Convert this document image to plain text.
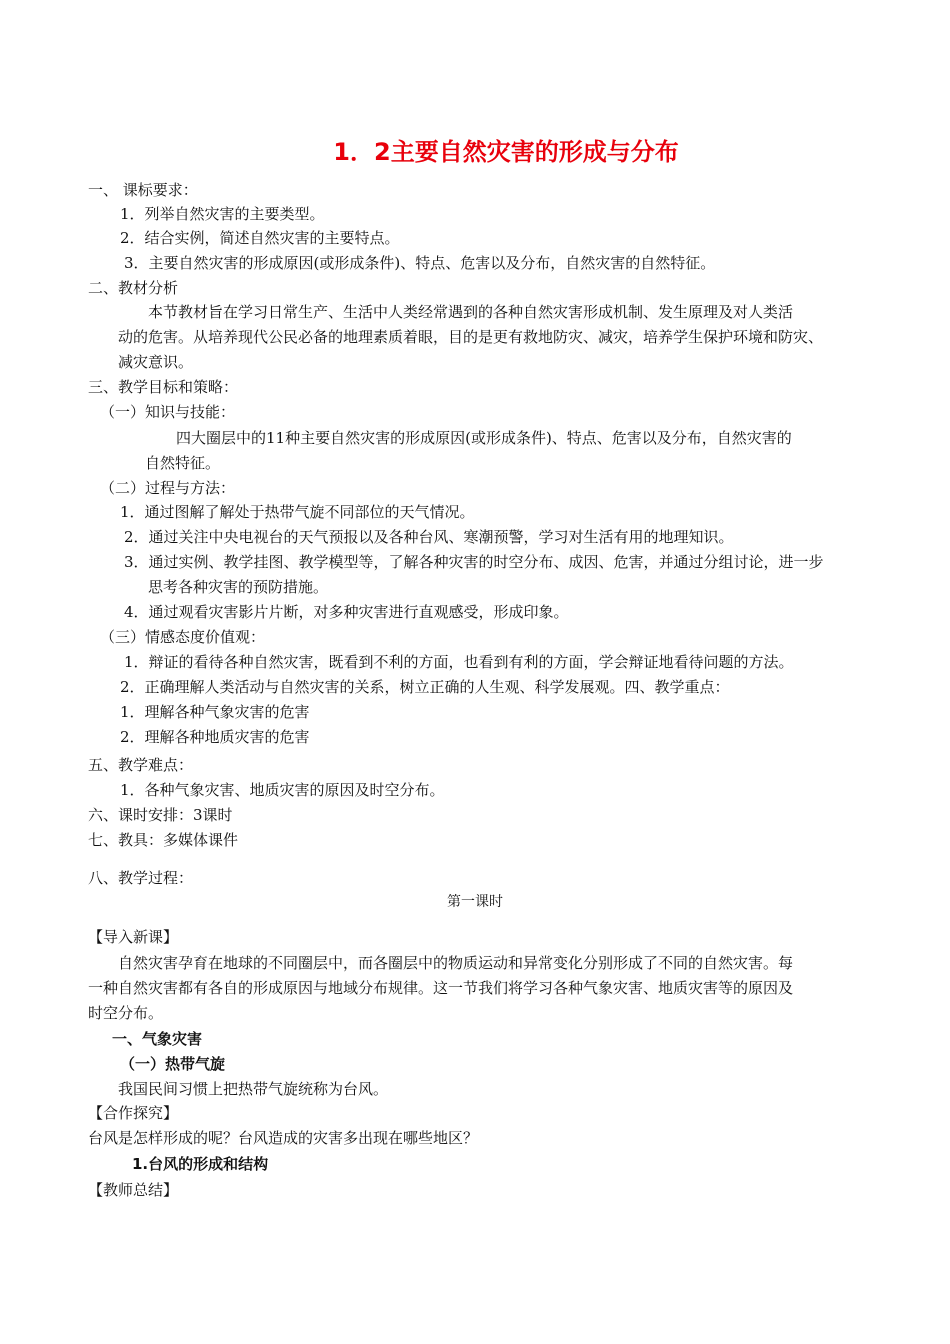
1．2主要自然灾害的形成与分布
一、 课标要求：
1．列举自然灾害的主要类型。
2．结合实例，简述自然灾害的主要特点。
3．主要自然灾害的形成原因(或形成条件)、特点、危害以及分布，自然灾害的自然特征。
二、教材分析
本节教材旨在学习日常生产、生活中人类经常遇到的各种自然灾害形成机制、发生原理及对人类活
动的危害。从培养现代公民必备的地理素质着眼，目的是更有救地防灾、减灾，培养学生保护环境和防灾、
减灾意识。
三、教学目标和策略：
（一）知识与技能：
四大圈层中的11种主要自然灾害的形成原因(或形成条件)、特点、危害以及分布，自然灾害的
自然特征。
（二）过程与方法：
1．通过图解了解处于热带气旋不同部位的天气情况。
2．通过关注中央电视台的天气预报以及各种台风、寒潮预警，学习对生活有用的地理知识。
3．通过实例、教学挂图、教学模型等，了解各种灾害的时空分布、成因、危害，并通过分组讨论，进一步
思考各种灾害的预防措施。
4．通过观看灾害影片片断，对多种灾害进行直观感受，形成印象。
（三）情感态度价值观：
1．辩证的看待各种自然灾害，既看到不利的方面，也看到有利的方面，学会辩证地看待问题的方法。
2．正确理解人类活动与自然灾害的关系，树立正确的人生观、科学发展观。四、教学重点：
1．理解各种气象灾害的危害
2．理解各种地质灾害的危害
五、教学难点：
1．各种气象灾害、地质灾害的原因及时空分布。
六、课时安排：3课时
七、教具：多媒体课件
八、教学过程：
第一课时
【导入新课】
自然灾害孕育在地球的不同圈层中，而各圈层中的物质运动和异常变化分别形成了不同的自然灾害。每
一种自然灾害都有各自的形成原因与地域分布规律。这一节我们将学习各种气象灾害、地质灾害等的原因及
时空分布。
一、气象灾害
（一）热带气旋
我国民间习惯上把热带气旋统称为台风。
【合作探究】
台风是怎样形成的呢？台风造成的灾害多出现在哪些地区？
1.台风的形成和结构
【教师总结】
